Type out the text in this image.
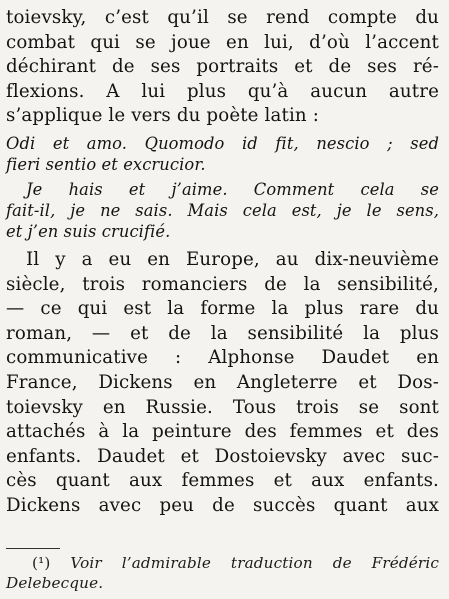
toievsky, c’est qu’il se rend compte du
combat qui se joue en lui, d’où l’accent
déchirant de ses portraits et de ses ré-
flexions. A lui plus qu’à aucun autre
s’applique le vers du poète latin :
Odi et amo. Quomodo id fit, nescio ; sed
fieri sentio et excrucior.
Je hais et j’aime. Comment cela se
fait-il, je ne sais. Mais cela est, je le sens,
et j’en suis crucifié.
Il y a eu en Europe, au dix-neuvième
siècle, trois romanciers de la sensibilité,
— ce qui est la forme la plus rare du
roman, — et de la sensibilité la plus
communicative : Alphonse Daudet en
France, Dickens en Angleterre et Dos-
toievsky en Russie. Tous trois se sont
attachés à la peinture des femmes et des
enfants. Daudet et Dostoievsky avec suc-
cès quant aux femmes et aux enfants.
Dickens avec peu de succès quant aux
(¹) Voir l’admirable traduction de Frédéric
Delebecque.
